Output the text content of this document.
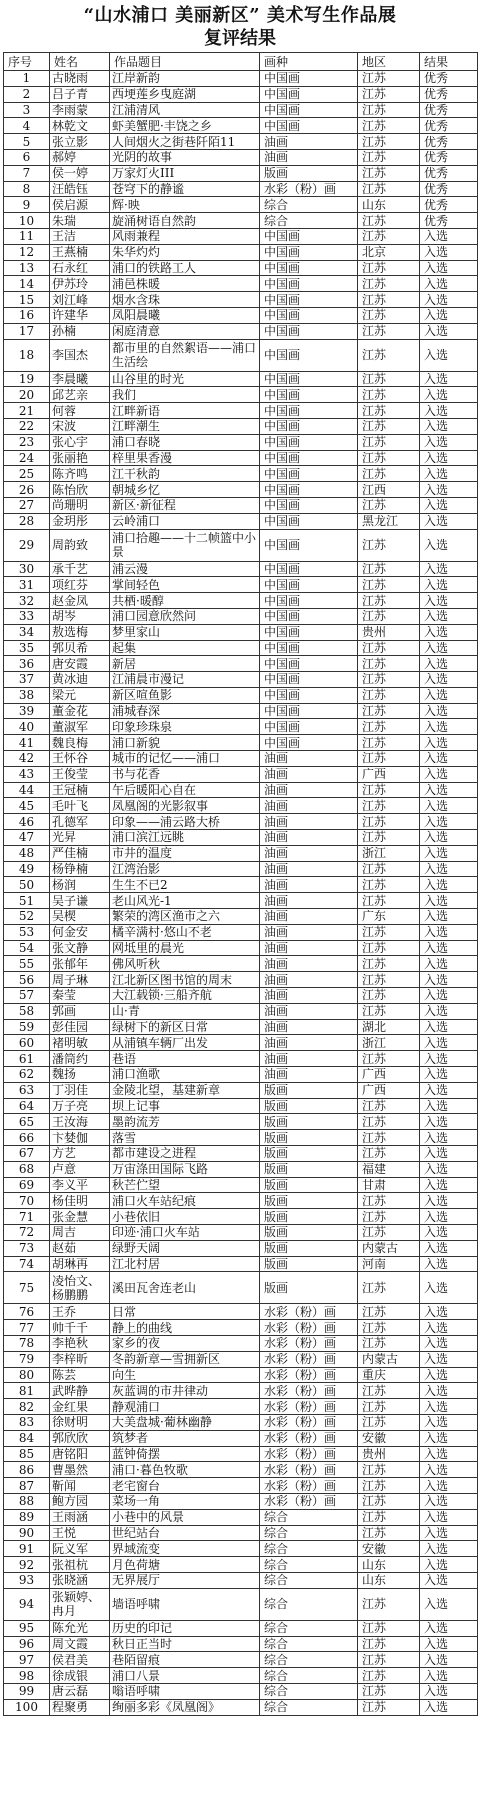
“山水浦口 美丽新区” 美术写生作品展
复评结果
序号	姓名	作品题目	画种	地区	结果
1	古晓雨	江岸新韵	中国画	江苏	优秀
2	吕子青	西埂莲乡曳庭湖	中国画	江苏	优秀
3	李雨蒙	江浦清风	中国画	江苏	优秀
4	林乾文	虾美蟹肥·丰饶之乡	中国画	江苏	优秀
5	张立影	人间烟火之街巷阡陌11	油画	江苏	优秀
6	郝婷	光阴的故事	油画	江苏	优秀
7	侯一婷	万家灯火III	版画	江苏	优秀
8	汪皓钰	苍穹下的静谧	水彩（粉）画	江苏	优秀
9	侯启源	辉·映	综合	山东	优秀
10	朱瑞	旋涌树语自然韵	综合	江苏	优秀
11	王洁	风雨兼程	中国画	江苏	入选
12	王燕楠	朱华灼灼	中国画	北京	入选
13	石永红	浦口的铁路工人	中国画	江苏	入选
14	伊苏玲	浦邑株暖	中国画	江苏	入选
15	刘江峰	烟水含珠	中国画	江苏	入选
16	许建华	凤阳晨曦	中国画	江苏	入选
17	孙楠	闲庭清意	中国画	江苏	入选
18	李国杰	都市里的自然絮语——浦口生活绘	中国画	江苏	入选
19	李晨曦	山谷里的时光	中国画	江苏	入选
20	邱艺亲	我们	中国画	江苏	入选
21	何蓉	江畔新语	中国画	江苏	入选
22	宋波	江畔潮生	中国画	江苏	入选
23	张心宇	浦口春晓	中国画	江苏	入选
24	张丽艳	梓里果香漫	中国画	江苏	入选
25	陈齐鸣	江干秋韵	中国画	江苏	入选
26	陈怡欣	朝城乡忆	中国画	江西	入选
27	尚珊明	新区·新征程	中国画	江苏	入选
28	金玥彤	云岭浦口	中国画	黑龙江	入选
29	周韵致	浦口拾趣——十二帧篮中小景	中国画	江苏	入选
30	承千艺	浦云漫	中国画	江苏	入选
31	项红芬	掌间轻色	中国画	江苏	入选
32	赵金凤	共栖·暖醇	中国画	江苏	入选
33	胡岑	浦口园意欣然问	中国画	江苏	入选
34	敖选梅	梦里家山	中国画	贵州	入选
35	郭贝希	起集	中国画	江苏	入选
36	唐安霞	新居	中国画	江苏	入选
37	黄冰迪	江浦晨市漫记	中国画	江苏	入选
38	梁元	新区喧鱼影	中国画	江苏	入选
39	董金花	浦城春深	中国画	江苏	入选
40	董淑军	印象珍珠泉	中国画	江苏	入选
41	魏良梅	浦口新貌	中国画	江苏	入选
42	王怀谷	城市的记忆——浦口	油画	江苏	入选
43	王俊莹	书与花香	油画	广西	入选
44	王冠楠	午后暖阳心自在	油画	江苏	入选
45	毛叶飞	凤凰阁的光影叙事	油画	江苏	入选
46	孔德军	印象——浦云路大桥	油画	江苏	入选
47	光昇	浦口滨江远眺	油画	江苏	入选
48	严佳楠	市井的温度	油画	浙江	入选
49	杨铮楠	江湾治影	油画	江苏	入选
50	杨润	生生不已2	油画	江苏	入选
51	吴子谦	老山风光-1	油画	江苏	入选
52	吴楔	繁荣的湾区渔市之六	油画	广东	入选
53	何金安	橘辛满村·悠山不老	油画	江苏	入选
54	张文静	网坻里的晨光	油画	江苏	入选
55	张郁年	佛风听秋	油画	江苏	入选
56	周子琳	江北新区图书馆的周末	油画	江苏	入选
57	秦莹	大江载锁·三船齐航	油画	江苏	入选
58	郭画	山·青	油画	江苏	入选
59	彭佳园	绿树下的新区日常	油画	湖北	入选
60	褚明敏	从浦镇车辆厂出发	油画	浙江	入选
61	潘筒约	巷语	油画	江苏	入选
62	魏扬	浦口渔歌	油画	广西	入选
63	丁羽佳	金陵北望，基建新章	版画	广西	入选
64	万子亮	坝上记事	版画	江苏	入选
65	王汝海	墨韵流芳	版画	江苏	入选
66	卞婪伽	落雪	版画	江苏	入选
67	方艺	都市建设之进程	版画	江苏	入选
68	卢意	万宙涤田国际飞路	版画	福建	入选
69	李义平	秋芒伫望	版画	甘肃	入选
70	杨佳明	浦口火车站纪痕	版画	江苏	入选
71	张金慧	小巷依旧	版画	江苏	入选
72	周吉	印迹·浦口火车站	版画	江苏	入选
73	赵茹	绿野天阔	版画	内蒙古	入选
74	胡琳再	江北村居	版画	河南	入选
75	凌怡文、杨鹏鹏	溪田瓦舍连老山	版画	江苏	入选
76	王乔	日常	水彩（粉）画	江苏	入选
77	帅千千	静上的曲线	水彩（粉）画	江苏	入选
78	李艳秋	家乡的夜	水彩（粉）画	江苏	入选
79	李梓昕	冬韵新章—雪拥新区	水彩（粉）画	内蒙古	入选
80	陈芸	向生	水彩（粉）画	重庆	入选
81	武晔静	灰蓝调的市井律动	水彩（粉）画	江苏	入选
82	金红果	静观浦口	水彩（粉）画	江苏	入选
83	徐财明	大美盘城·葡林幽静	水彩（粉）画	江苏	入选
84	郭欣欣	筑梦者	水彩（粉）画	安徽	入选
85	唐铭阳	蓝钟倚摆	水彩（粉）画	贵州	入选
86	曹墨然	浦口·暮色牧歌	水彩（粉）画	江苏	入选
87	靳闻	老宅窗台	水彩（粉）画	江苏	入选
88	鲍方园	菜场一角	水彩（粉）画	江苏	入选
89	王雨涵	小巷中的风景	综合	江苏	入选
90	王悦	世纪站台	综合	江苏	入选
91	阮义军	界域流变	综合	安徽	入选
92	张祖杭	月色荷塘	综合	山东	入选
93	张晓涵	无界展厅	综合	山东	入选
94	张颖婷、冉月	墙语呼啸	综合	江苏	入选
95	陈允光	历史的印记	综合	江苏	入选
96	周文霞	秋日正当时	综合	江苏	入选
97	侯君美	巷陌留痕	综合	江苏	入选
98	徐成银	浦口八景	综合	江苏	入选
99	唐云磊	嗡语呼啸	综合	江苏	入选
100	程聚勇	绚丽多彩《凤凰阁》	综合	江苏	入选
